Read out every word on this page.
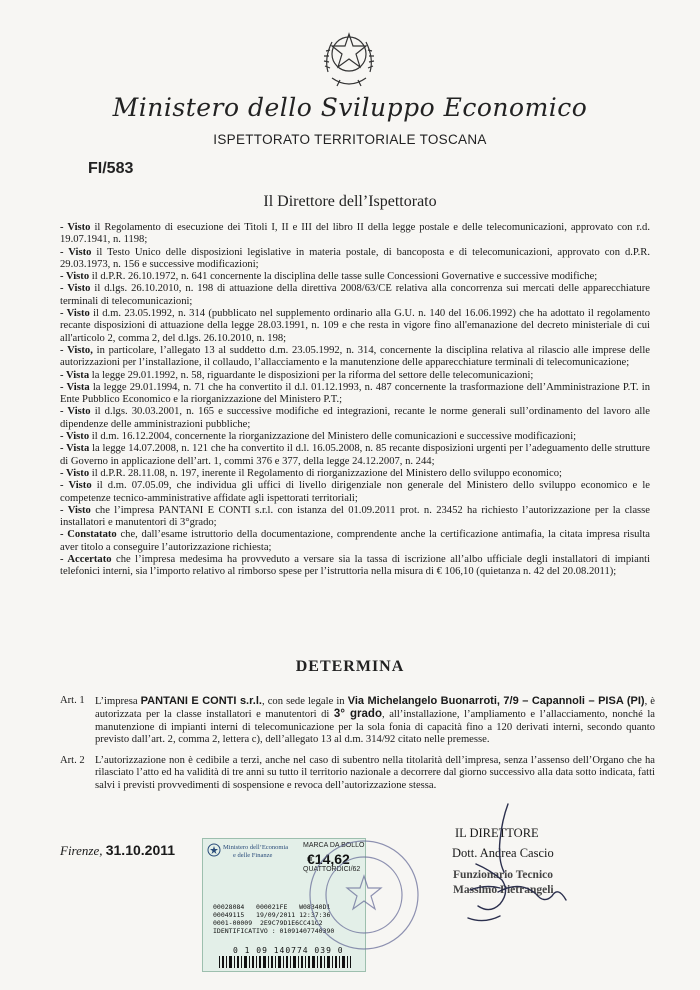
Ministero dello Sviluppo Economico
ISPETTORATO TERRITORIALE TOSCANA
FI/583
Il Direttore dell’Ispettorato

- Visto il Regolamento di esecuzione dei Titoli I, II e III del libro II della legge postale e delle telecomunicazioni, approvato con r.d. 19.07.1941, n. 1198;

- Visto il Testo Unico delle disposizioni legislative in materia postale, di bancoposta e di telecomunicazioni, approvato con d.P.R. 29.03.1973, n. 156 e successive modificazioni;

- Visto il d.P.R. 26.10.1972, n. 641 concernente la disciplina delle tasse sulle Concessioni Governative e successive modifiche;

- Visto il d.lgs. 26.10.2010, n. 198 di attuazione della direttiva 2008/63/CE relativa alla concorrenza sui mercati delle apparecchiature terminali di telecomunicazioni;

- Visto il d.m. 23.05.1992, n. 314 (pubblicato nel supplemento ordinario alla G.U. n. 140 del 16.06.1992) che ha adottato il regolamento recante disposizioni di attuazione della legge 28.03.1991, n. 109 e che resta in vigore fino all'emanazione del decreto ministeriale di cui all'articolo 2, comma 2, del d.lgs. 26.10.2010, n. 198;

- Visto, in particolare, l’allegato 13 al suddetto d.m. 23.05.1992, n. 314, concernente la disciplina relativa al rilascio alle imprese delle autorizzazioni per l’installazione, il collaudo, l’allacciamento e la manutenzione delle apparecchiature terminali di telecomunicazione;

- Vista la legge 29.01.1992, n. 58, riguardante le disposizioni per la riforma del settore delle telecomunicazioni;

- Vista la legge 29.01.1994, n. 71 che ha convertito il d.l. 01.12.1993, n. 487 concernente la trasformazione dell’Amministrazione P.T. in Ente Pubblico Economico e la riorganizzazione del Ministero P.T.;

- Visto il d.lgs. 30.03.2001, n. 165 e successive modifiche ed integrazioni, recante le norme generali sull’ordinamento del lavoro alle dipendenze delle amministrazioni pubbliche;

- Visto il d.m. 16.12.2004, concernente la riorganizzazione del Ministero delle comunicazioni e successive modificazioni;

- Vista la legge 14.07.2008, n. 121 che ha convertito il d.l. 16.05.2008, n. 85 recante disposizioni urgenti per l’adeguamento delle strutture di Governo in applicazione dell’art. 1, commi 376 e 377, della legge 24.12.2007, n. 244;

- Visto il d.P.R. 28.11.08, n. 197, inerente il Regolamento di riorganizzazione del Ministero dello sviluppo economico;

- Visto il d.m. 07.05.09, che individua gli uffici di livello dirigenziale non generale del Ministero dello sviluppo economico e le competenze tecnico-amministrative affidate agli ispettorati territoriali;

- Visto che l’impresa PANTANI E CONTI s.r.l. con istanza del 01.09.2011 prot. n. 23452 ha richiesto l’autorizzazione per la classe installatori e manutentori di 3°grado;

- Constatato che, dall’esame istruttorio della documentazione, comprendente anche la certificazione antimafia, la citata impresa risulta aver titolo a conseguire l’autorizzazione richiesta;

- Accertato che l’impresa medesima ha provveduto a versare sia la tassa di iscrizione all’albo ufficiale degli installatori di impianti telefonici interni, sia l’importo relativo al rimborso spese per l’istruttoria nella misura di € 106,10 (quietanza n. 42 del 20.08.2011);

DETERMINA
Art. 1 L’impresa PANTANI E CONTI s.r.l., con sede legale in Via Michelangelo Buonarroti, 7/9 – Capannoli – PISA (PI), è autorizzata per la classe installatori e manutentori di 3° grado, all’installazione, l’ampliamento e l’allacciamento, nonché la manutenzione di impianti interni di telecomunicazione per la sola fonia di capacità fino a 120 derivati interni, secondo quanto previsto dall’art. 2, comma 2, lettera c), dell’allegato 13 al d.m. 314/92 citato nelle premesse.
Art. 2 L’autorizzazione non è cedibile a terzi, anche nel caso di subentro nella titolarità dell’impresa, senza l’assenso dell’Organo che ha rilasciato l’atto ed ha validità di tre anni su tutto il territorio nazionale a decorrere dal giorno successivo alla data sotto indicata, fatti salvi i previsti provvedimenti di sospensione e revoca dell’autorizzazione stessa.
Firenze, 31.10.2011
IL DIRETTORE
Dott. Andrea Cascio
Funzionario Tecnico
Massimo Pietrangeli
Ministero dell’Economia
e delle Finanze
MARCA DA BOLLO
€14,62
QUATTORDICI/62
00028084   000021FE   W08340D1
00049115   19/09/2011 12:37:36
0001-00009  2E9C79D1E6CC41C2
IDENTIFICATIVO : 01091407740390
0 1 09 140774 039 0
